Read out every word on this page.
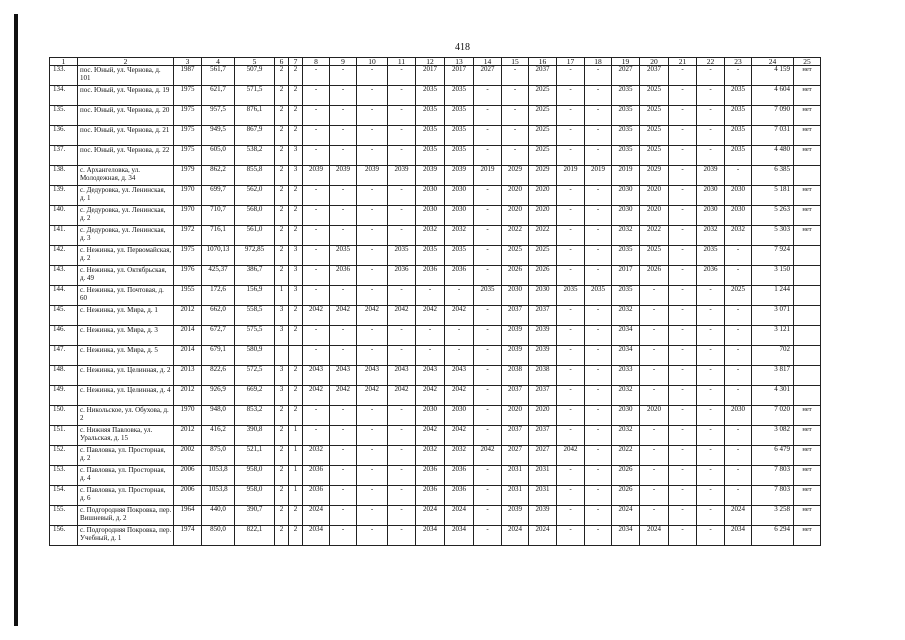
418
1	2	3	4	5	6	7	8	9	10	11	12	13	14	15	16	17	18	19	20	21	22	23	24	25
133.	пос. Юный, ул. Чернова, д. 101	1987	561,7	507,9	2	2	-	-	-	-	2017	2017	2027	-	2037	-	-	2027	2037	-	-	-	4 159	нет
134.	пос. Юный, ул. Чернова, д. 19	1975	621,7	571,5	2	2	-	-	-	-	2035	2035	-	-	2025	-	-	2035	2025	-	-	2035	4 604	нет
135.	пос. Юный, ул. Чернова, д. 20	1975	957,5	876,1	2	2	-	-	-	-	2035	2035	-	-	2025	-	-	2035	2025	-	-	2035	7 090	нет
136.	пос. Юный, ул. Чернова, д. 21	1975	949,5	867,9	2	2	-	-	-	-	2035	2035	-	-	2025	-	-	2035	2025	-	-	2035	7 031	нет
137.	пос. Юный, ул. Чернова, д. 22	1975	605,0	538,2	2	3	-	-	-	-	2035	2035	-	-	2025	-	-	2035	2025	-	-	2035	4 480	нет
138.	с. Архангеловка, ул. Молодежная, д. 34	1979	862,2	855,8	2	3	2039	2039	2039	2039	2039	2039	2019	2029	2029	2019	2019	2019	2029	-	2039	-	6 385	
139.	с. Дедуровка, ул. Ленинская, д. 1	1970	699,7	562,0	2	2	-	-	-	-	2030	2030	-	2020	2020	-	-	2030	2020	-	2030	2030	5 181	нет
140.	с. Дедуровка, ул. Ленинская, д. 2	1970	710,7	568,0	2	2	-	-	-	-	2030	2030	-	2020	2020	-	-	2030	2020	-	2030	2030	5 263	нет
141.	с. Дедуровка, ул. Ленинская, д. 3	1972	716,1	561,0	2	2	-	-	-	-	2032	2032	-	2022	2022	-	-	2032	2022	-	2032	2032	5 303	нет
142.	с. Нежинка, ул. Первомайская, д. 2	1975	1070,13	972,85	2	3	-	2035	-	2035	2035	2035	-	2025	2025	-	-	2035	2025	-	2035	-	7 924	
143.	с. Нежинка, ул. Октябрьская, д. 49	1976	425,37	386,7	2	3	-	2036	-	2036	2036	2036	-	2026	2026	-	-	2017	2026	-	2036	-	3 150	
144.	с. Нежинка, ул. Почтовая, д. 60	1955	172,6	156,9	1	3	-	-	-	-	-	-	2035	2030	2030	2035	2035	2035	-	-	-	2025	1 244	
145.	с. Нежинка, ул. Мира, д. 1	2012	662,0	558,5	3	2	2042	2042	2042	2042	2042	2042	-	2037	2037	-	-	2032	-	-	-	-	3 071	
146.	с. Нежинка, ул. Мира, д. 3	2014	672,7	575,5	3	2	-	-	-	-	-	-	-	2039	2039	-	-	2034	-	-	-	-	3 121	
147.	с. Нежинка, ул. Мира, д. 5	2014	679,1	580,9			-	-	-	-	-	-	-	2039	2039	-	-	2034	-	-	-	-	702	
148.	с. Нежинка, ул. Целинная, д. 2	2013	822,6	572,5	3	2	2043	2043	2043	2043	2043	2043	-	2038	2038	-	-	2033	-	-	-	-	3 817	
149.	с. Нежинка, ул. Целинная, д. 4	2012	926,9	669,2	3	2	2042	2042	2042	2042	2042	2042	-	2037	2037	-	-	2032	-	-	-	-	4 301	
150.	с. Никольское, ул. Обухова, д. 2	1970	948,0	853,2	2	2	-	-	-	-	2030	2030	-	2020	2020	-	-	2030	2020	-	-	2030	7 020	нет
151.	с. Нижняя Павловка, ул. Уральская, д. 15	2012	416,2	390,8	2	1	-	-	-	-	2042	2042	-	2037	2037	-	-	2032	-	-	-	-	3 082	нет
152.	с. Павловка, ул. Просторная, д. 2	2002	875,0	521,1	2	1	2032	-	-	-	2032	2032	2042	2027	2027	2042	-	2022	-	-	-	-	6 479	нет
153.	с. Павловка, ул. Просторная, д. 4	2006	1053,8	958,0	2	1	2036	-	-	-	2036	2036	-	2031	2031	-	-	2026	-	-	-	-	7 803	нет
154.	с. Павловка, ул. Просторная, д. 6	2006	1053,8	958,0	2	1	2036	-	-	-	2036	2036	-	2031	2031	-	-	2026	-	-	-	-	7 803	нет
155.	с. Подгородняя Покровка, пер. Вишневый, д. 2	1964	440,0	390,7	2	2	2024	-	-	-	2024	2024	-	2039	2039	-	-	2024	-	-	-	2024	3 258	нет
156.	с. Подгородняя Покровка, пер. Учебный, д. 1	1974	850,0	822,1	2	2	2034	-	-	-	2034	2034	-	2024	2024	-	-	2034	2024	-	-	2034	6 294	нет
